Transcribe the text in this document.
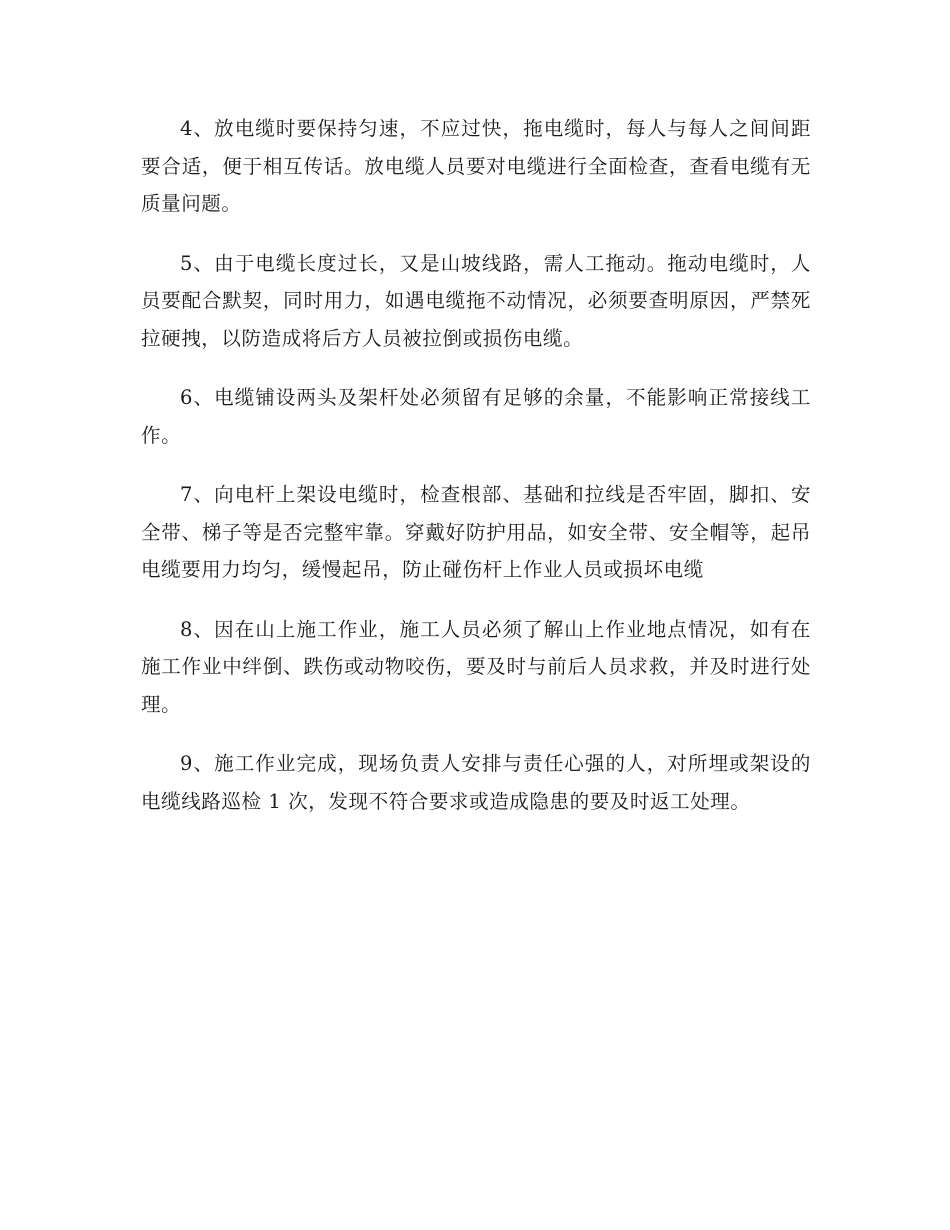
4、放电缆时要保持匀速，不应过快，拖电缆时，每人与每人之间间距要合适，便于相互传话。放电缆人员要对电缆进行全面检查，查看电缆有无质量问题。

5、由于电缆长度过长，又是山坡线路，需人工拖动。拖动电缆时，人员要配合默契，同时用力，如遇电缆拖不动情况，必须要查明原因，严禁死拉硬拽，以防造成将后方人员被拉倒或损伤电缆。

6、电缆铺设两头及架杆处必须留有足够的余量，不能影响正常接线工作。

7、向电杆上架设电缆时，检查根部、基础和拉线是否牢固，脚扣、安全带、梯子等是否完整牢靠。穿戴好防护用品，如安全带、安全帽等，起吊电缆要用力均匀，缓慢起吊，防止碰伤杆上作业人员或损坏电缆

8、因在山上施工作业，施工人员必须了解山上作业地点情况，如有在施工作业中绊倒、跌伤或动物咬伤，要及时与前后人员求救，并及时进行处理。

9、施工作业完成，现场负责人安排与责任心强的人，对所埋或架设的电缆线路巡检 1 次，发现不符合要求或造成隐患的要及时返工处理。
